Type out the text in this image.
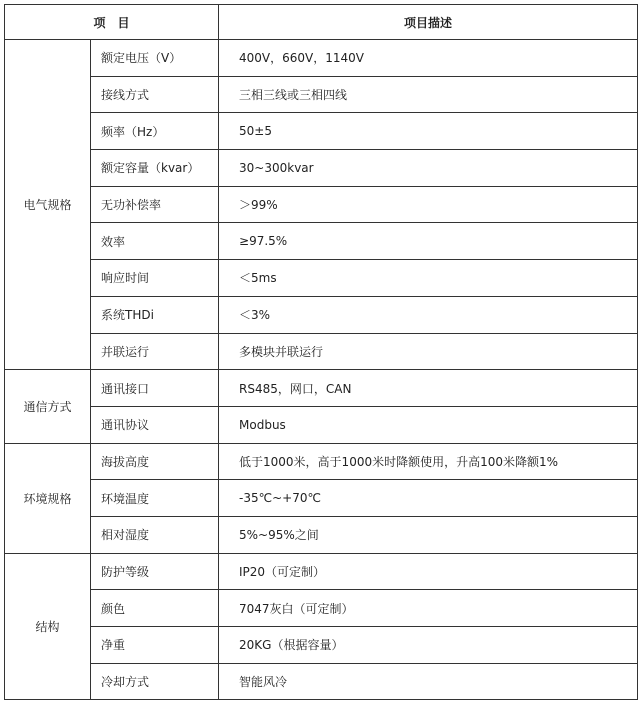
项　目		项目描述
电气规格	额定电压（V）	400V，660V，1140V
	接线方式	三相三线或三相四线
	频率（Hz）	50±5
	额定容量（kvar）	30~300kvar
	无功补偿率	＞99%
	效率	≥97.5%
	响应时间	＜5ms
	系统THDi	＜3%
	并联运行	多模块并联运行
通信方式	通讯接口	RS485，网口，CAN
	通讯协议	Modbus
环境规格	海拔高度	低于1000米，高于1000米时降额使用，升高100米降额1%
	环境温度	-35℃~+70℃
	相对湿度	5%~95%之间
结构	防护等级	IP20（可定制）
	颜色	7047灰白（可定制）
	净重	20KG（根据容量）
	冷却方式	智能风冷
